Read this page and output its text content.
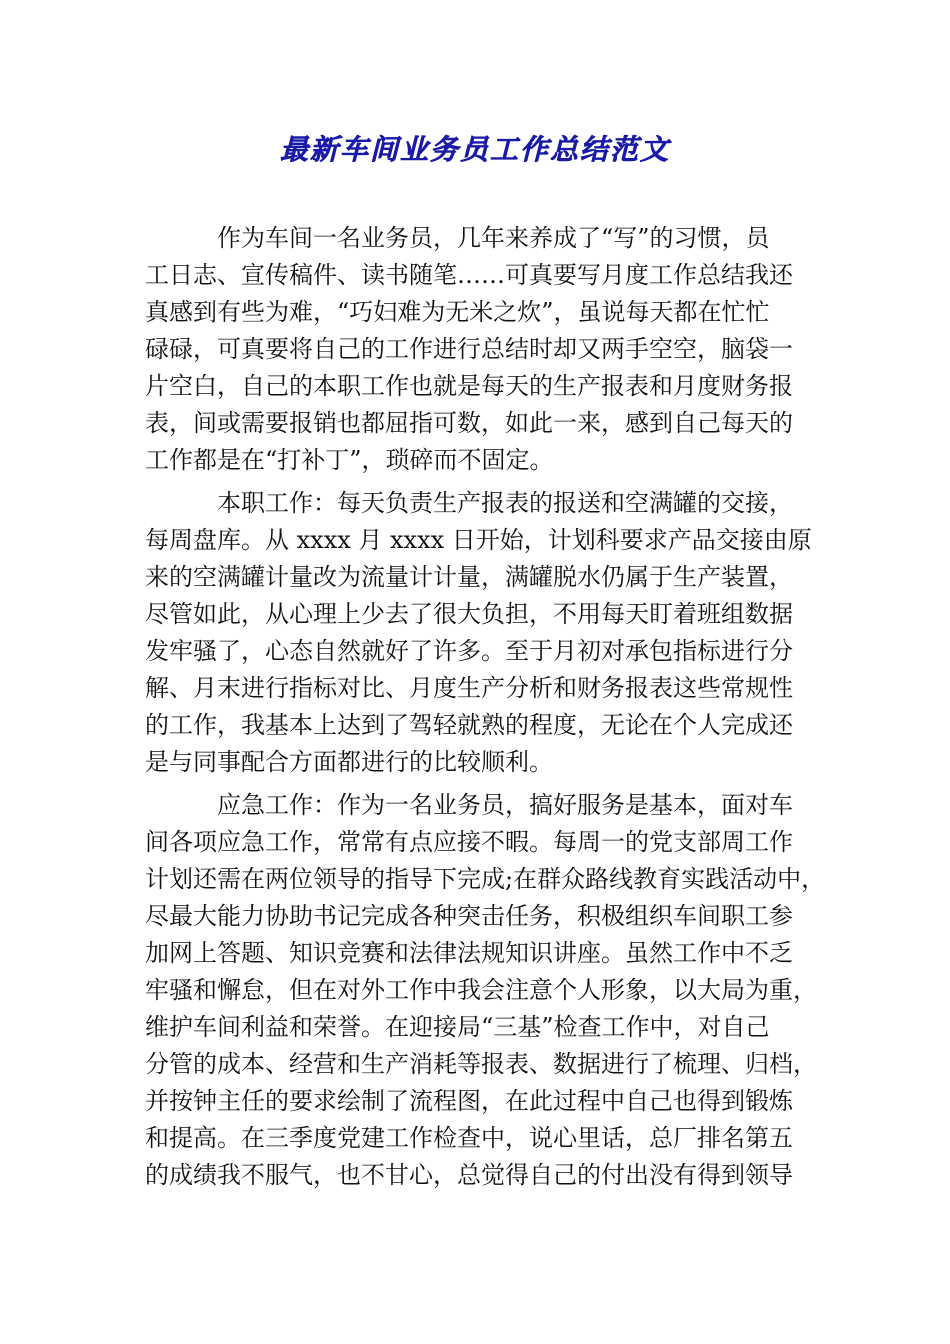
最新车间业务员工作总结范文

作为车间一名业务员，几年来养成了“写”的习惯，员
工日志、宣传稿件、读书随笔……可真要写月度工作总结我还
真感到有些为难，“巧妇难为无米之炊”，虽说每天都在忙忙
碌碌，可真要将自己的工作进行总结时却又两手空空，脑袋一
片空白，自己的本职工作也就是每天的生产报表和月度财务报
表，间或需要报销也都屈指可数，如此一来，感到自己每天的
工作都是在“打补丁”，琐碎而不固定。

本职工作：每天负责生产报表的报送和空满罐的交接，
每周盘库。从 xxxx 月 xxxx 日开始，计划科要求产品交接由原
来的空满罐计量改为流量计计量，满罐脱水仍属于生产装置，
尽管如此，从心理上少去了很大负担，不用每天盯着班组数据
发牢骚了，心态自然就好了许多。至于月初对承包指标进行分
解、月末进行指标对比、月度生产分析和财务报表这些常规性
的工作，我基本上达到了驾轻就熟的程度，无论在个人完成还
是与同事配合方面都进行的比较顺利。

应急工作：作为一名业务员，搞好服务是基本，面对车
间各项应急工作，常常有点应接不暇。每周一的党支部周工作
计划还需在两位领导的指导下完成;在群众路线教育实践活动中，
尽最大能力协助书记完成各种突击任务，积极组织车间职工参
加网上答题、知识竞赛和法律法规知识讲座。虽然工作中不乏
牢骚和懈怠，但在对外工作中我会注意个人形象，以大局为重，
维护车间利益和荣誉。在迎接局“三基”检查工作中，对自己
分管的成本、经营和生产消耗等报表、数据进行了梳理、归档，
并按钟主任的要求绘制了流程图，在此过程中自己也得到锻炼
和提高。在三季度党建工作检查中，说心里话，总厂排名第五
的成绩我不服气，也不甘心，总觉得自己的付出没有得到领导
